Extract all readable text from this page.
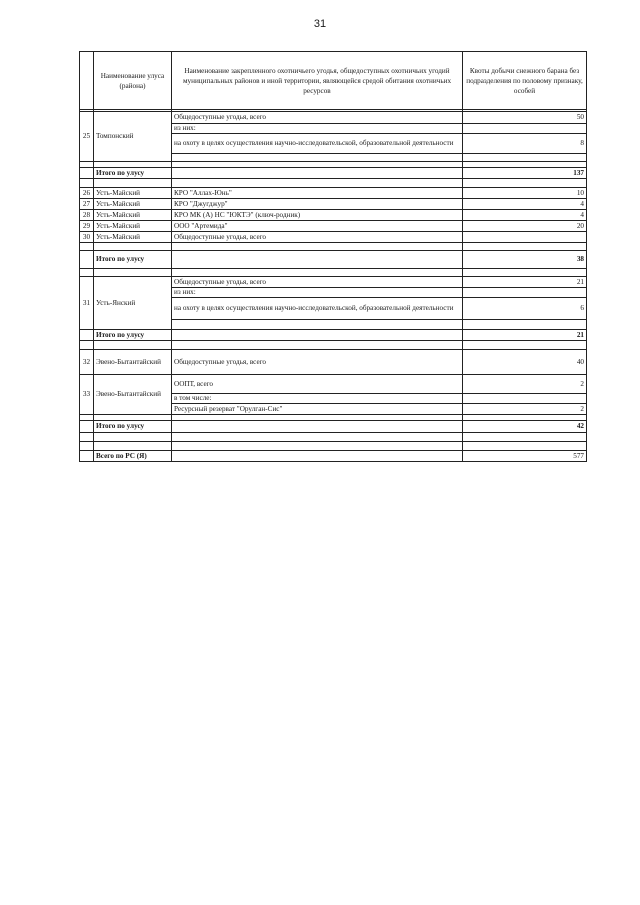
31
	Наименование улуса (района)	Наименование закрепленного охотничьего угодья, общедоступных охотничьих угодий муниципальных районов и иной территории, являющейся средой обитания охотничьих ресурсов	Квоты добычи снежного барана без подразделения по половому признаку, особей

25	Томпонский	Общедоступные угодья, всего	50
		из них:	
		на охоту в целях осуществления научно-исследовательской, образовательной деятельности	8

	Итого по улусу		137

26	Усть-Майский	КРО "Аллах-Юнь"	10
27	Усть-Майский	КРО "Джугджур"	4
28	Усть-Майский	КРО МК (А) НС "ЮКТЭ" (ключ-родник)	4
29	Усть-Майский	ООО "Артемида"	20
30	Усть-Майский	Общедоступные угодья, всего	

	Итого по улусу		38

31	Усть-Янский	Общедоступные угодья, всего	21
		из них:	
		на охоту в целях осуществления научно-исследовательской, образовательной деятельности	6

	Итого по улусу		21

32	Эвено-Бытантайский	Общедоступные угодья, всего	40
33	Эвено-Бытантайский	ООПТ, всего	2
		в том числе:	
		Ресурсный резерват "Орулган-Сис"	2

	Итого по улусу		42

	Всего по РС (Я)		577
